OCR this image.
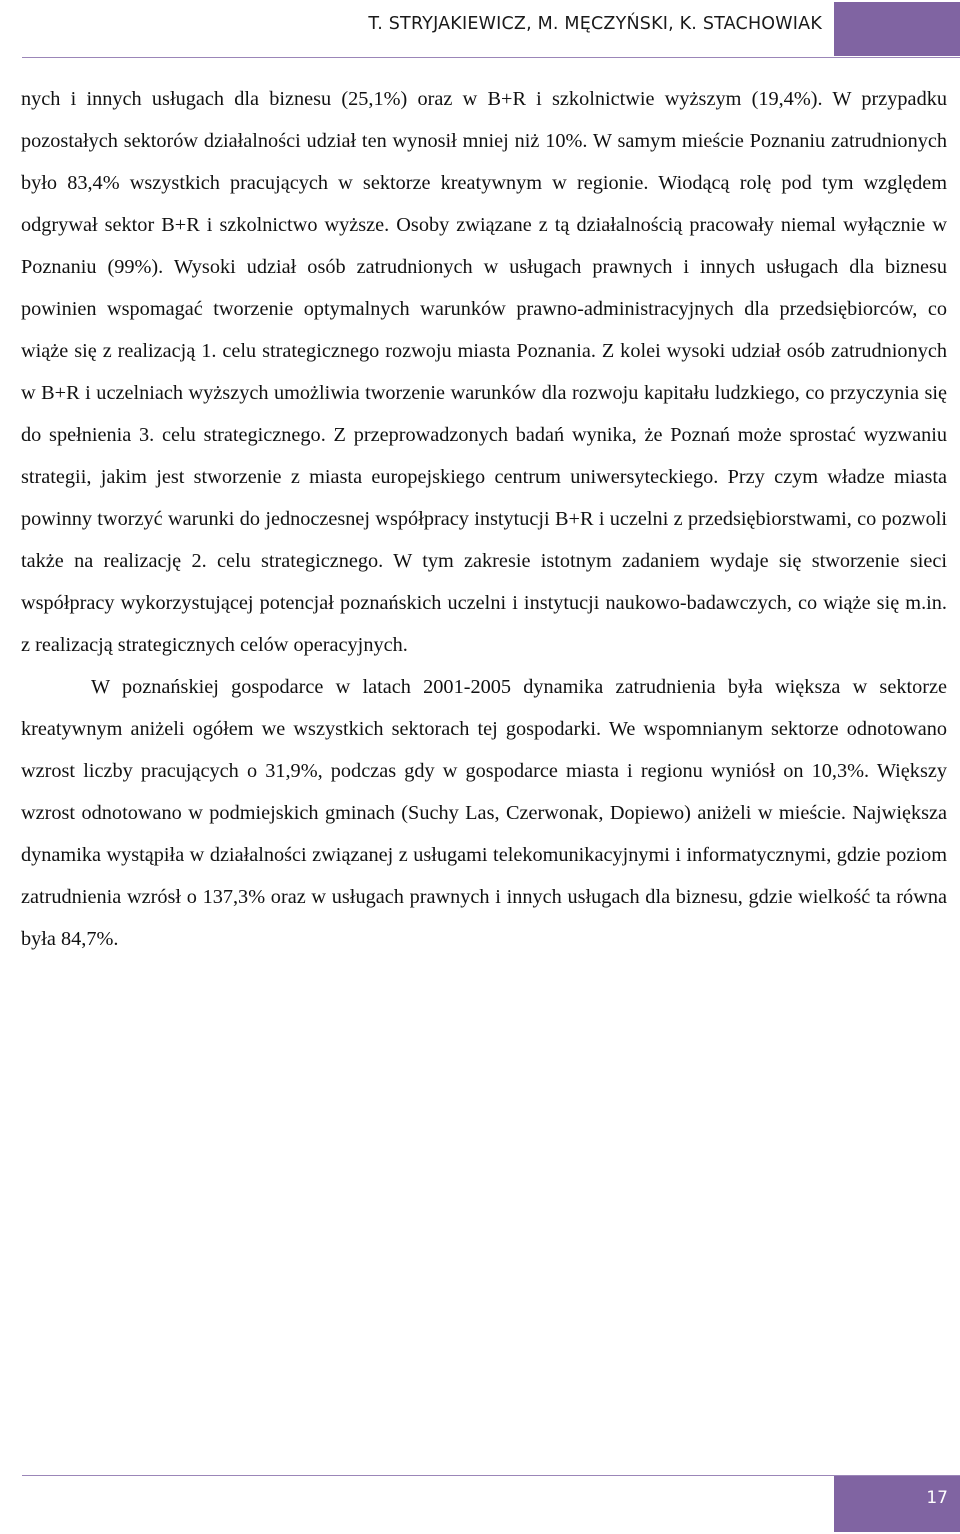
T. STRYJAKIEWICZ, M. MĘCZYŃSKI, K. STACHOWIAK

nych i innych usługach dla biznesu (25,1%) oraz w B+R i szkolnictwie wyższym (19,4%). W przypadku pozostałych sektorów działalności udział ten wynosił mniej niż 10%. W samym mieście Poznaniu zatrudnionych było 83,4% wszystkich pracujących w sektorze kreatywnym w regionie. Wiodącą rolę pod tym względem odgrywał sektor B+R i szkolnictwo wyższe. Osoby związane z tą działalnością pracowały niemal wyłącznie w Poznaniu (99%). Wysoki udział osób zatrudnionych w usługach prawnych i innych usługach dla biznesu powinien wspomagać tworzenie optymalnych warunków prawno-administracyjnych dla przedsiębiorców, co wiąże się z realizacją 1. celu strategicznego rozwoju miasta Poznania. Z kolei wysoki udział osób zatrudnionych w B+R i uczelniach wyższych umożliwia tworzenie warunków dla rozwoju kapitału ludzkiego, co przyczynia się do spełnienia 3. celu strategicznego. Z przeprowadzonych badań wynika, że Poznań może sprostać wyzwaniu strategii, jakim jest stworzenie z miasta europejskiego centrum uniwersyteckiego. Przy czym władze miasta powinny tworzyć warunki do jednoczesnej współpracy instytucji B+R i uczelni z przedsiębiorstwami, co pozwoli także na realizację 2. celu strategicznego. W tym zakresie istotnym zadaniem wydaje się stworzenie sieci współpracy wykorzystującej potencjał poznańskich uczelni i instytucji naukowo-badawczych, co wiąże się m.in. z realizacją strategicznych celów operacyjnych.

W poznańskiej gospodarce w latach 2001-2005 dynamika zatrudnienia była większa w sektorze kreatywnym aniżeli ogółem we wszystkich sektorach tej gospodarki. We wspomnianym sektorze odnotowano wzrost liczby pracujących o 31,9%, podczas gdy w gospodarce miasta i regionu wyniósł on 10,3%. Większy wzrost odnotowano w podmiejskich gminach (Suchy Las, Czerwonak, Dopiewo) aniżeli w mieście. Największa dynamika wystąpiła w działalności związanej z usługami telekomunikacyjnymi i informatycznymi, gdzie poziom zatrudnienia wzrósł o 137,3% oraz w usługach prawnych i innych usługach dla biznesu, gdzie wielkość ta równa była 84,7%.

17
